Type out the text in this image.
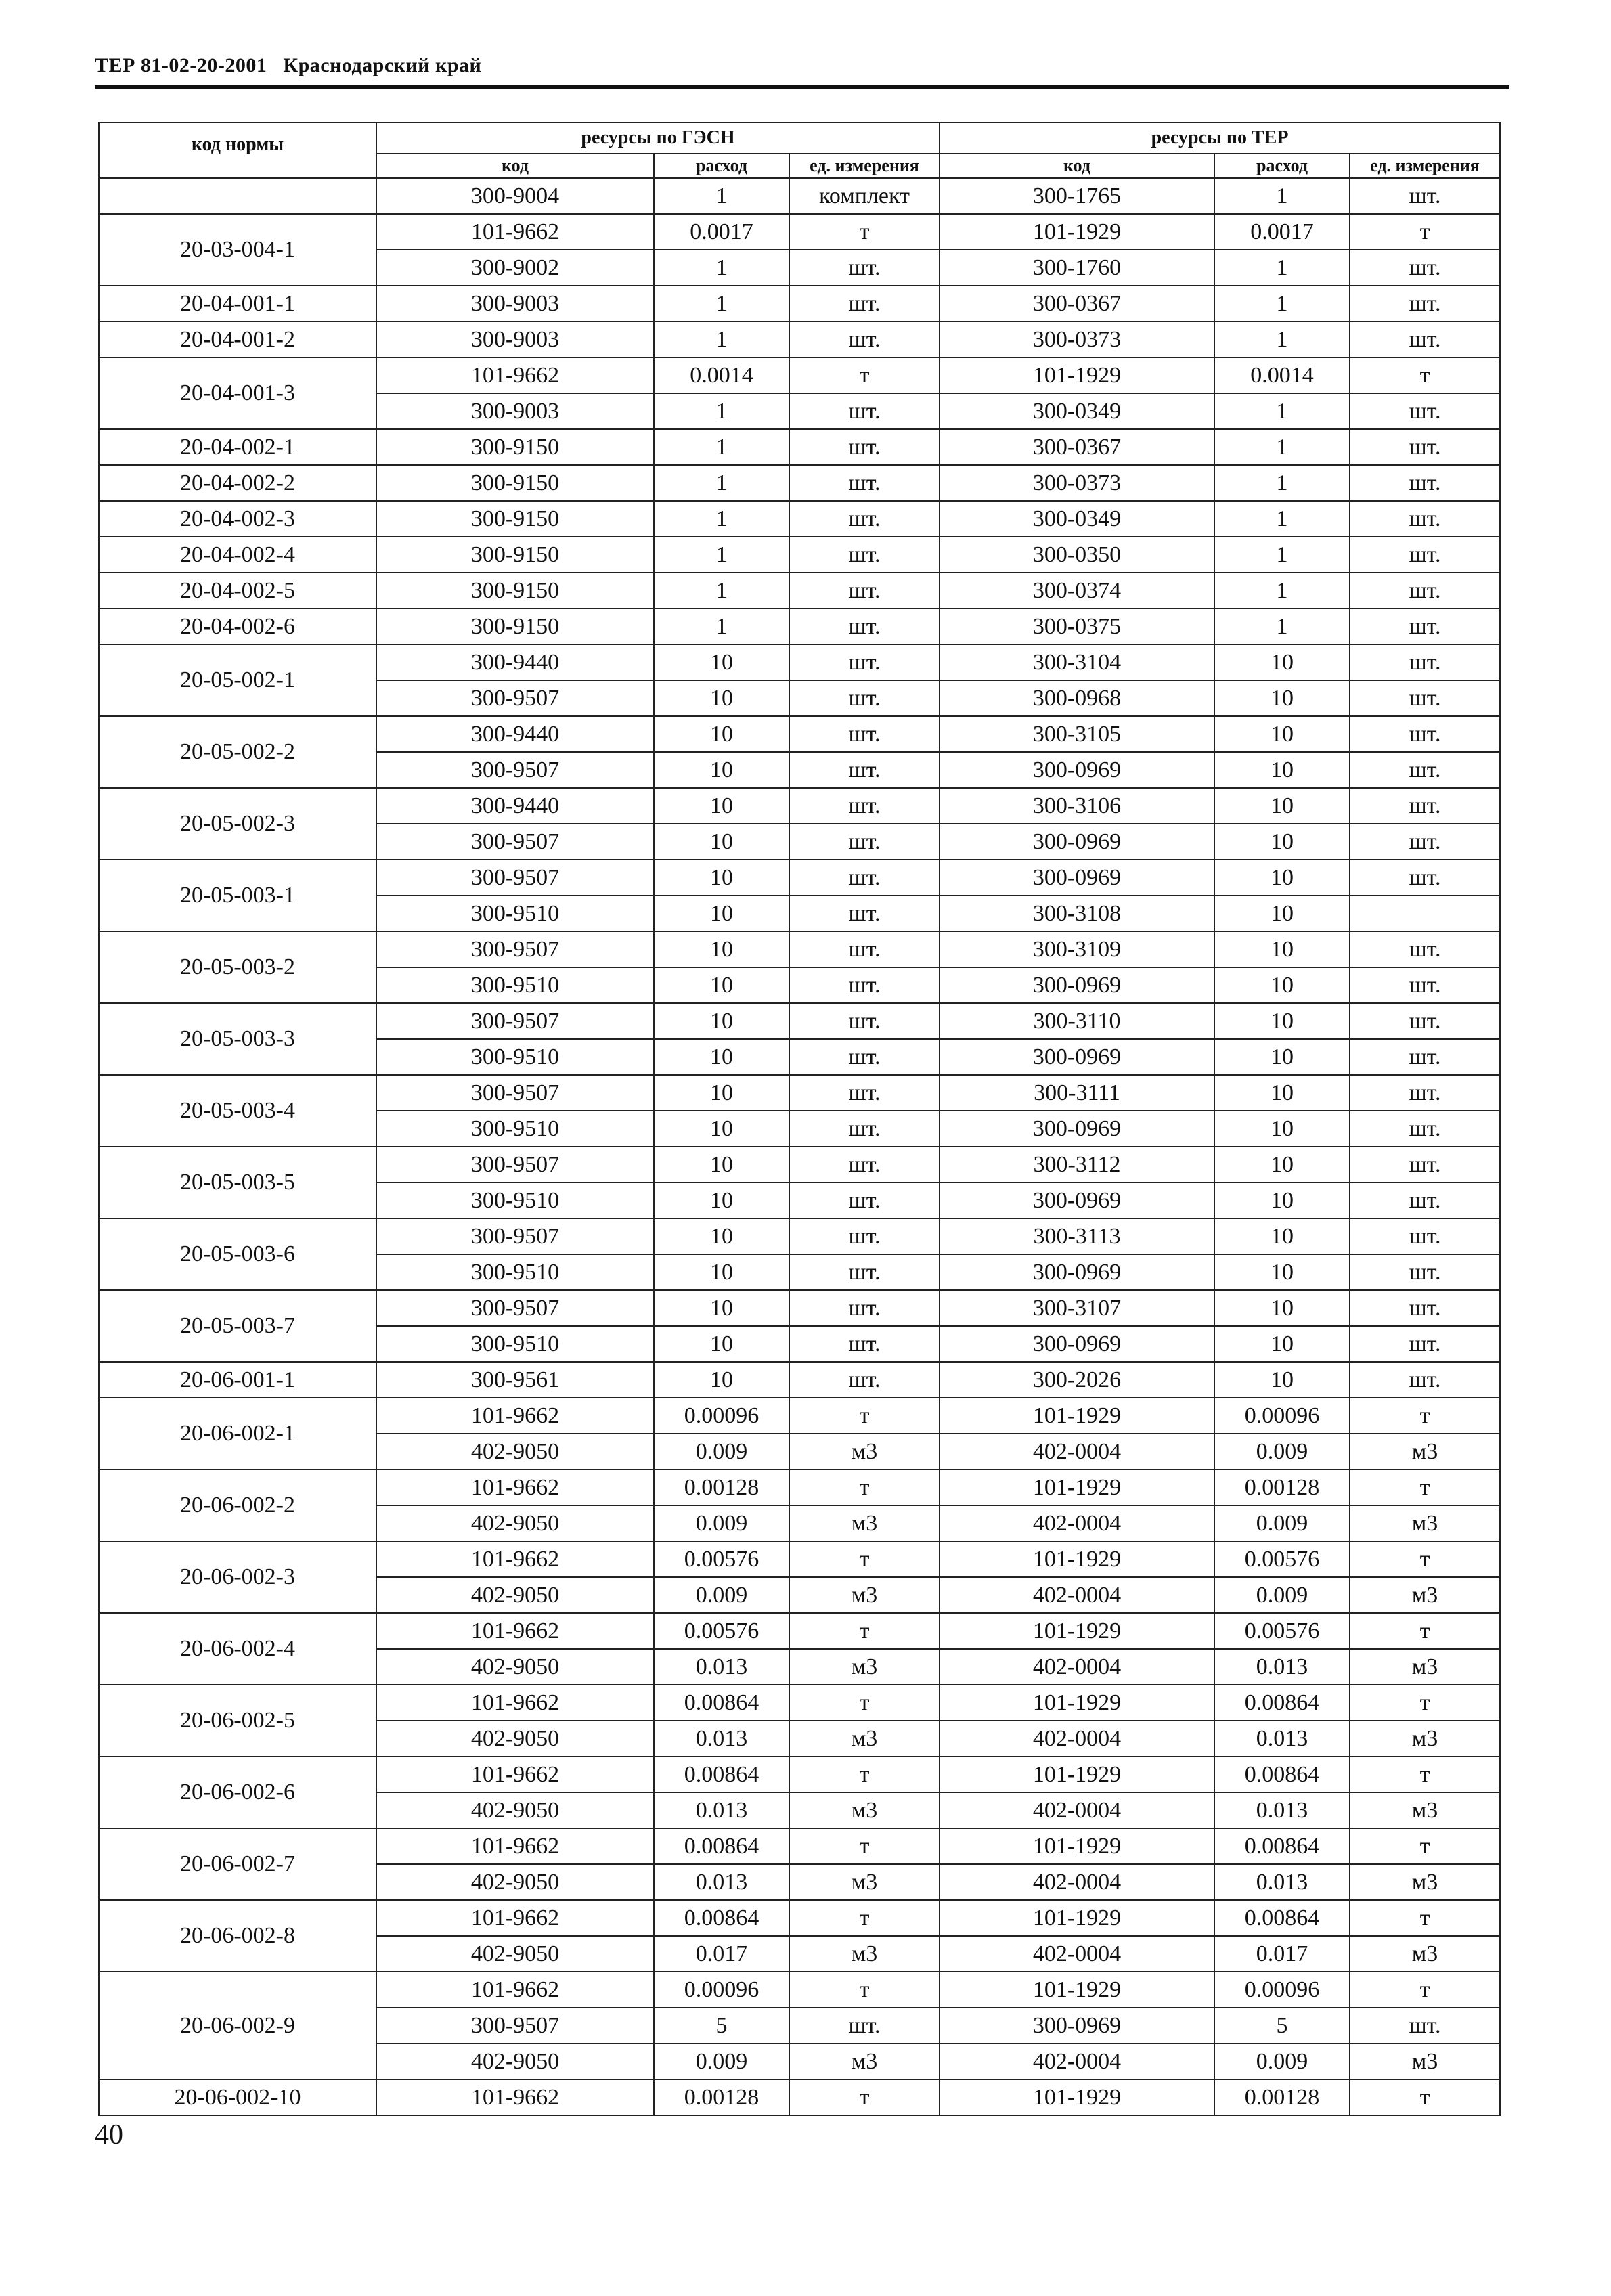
ТЕР 81-02-20-2001 Краснодарский край
код нормы	ресурсы по ГЭСН			ресурсы по ТЕР		
	код	расход	ед. измерения	код	расход	ед. измерения
	300-9004	1	комплект	300-1765	1	шт.
20-03-004-1	101-9662	0.0017	т	101-1929	0.0017	т
	300-9002	1	шт.	300-1760	1	шт.
20-04-001-1	300-9003	1	шт.	300-0367	1	шт.
20-04-001-2	300-9003	1	шт.	300-0373	1	шт.
20-04-001-3	101-9662	0.0014	т	101-1929	0.0014	т
	300-9003	1	шт.	300-0349	1	шт.
20-04-002-1	300-9150	1	шт.	300-0367	1	шт.
20-04-002-2	300-9150	1	шт.	300-0373	1	шт.
20-04-002-3	300-9150	1	шт.	300-0349	1	шт.
20-04-002-4	300-9150	1	шт.	300-0350	1	шт.
20-04-002-5	300-9150	1	шт.	300-0374	1	шт.
20-04-002-6	300-9150	1	шт.	300-0375	1	шт.
20-05-002-1	300-9440	10	шт.	300-3104	10	шт.
	300-9507	10	шт.	300-0968	10	шт.
20-05-002-2	300-9440	10	шт.	300-3105	10	шт.
	300-9507	10	шт.	300-0969	10	шт.
20-05-002-3	300-9440	10	шт.	300-3106	10	шт.
	300-9507	10	шт.	300-0969	10	шт.
20-05-003-1	300-9507	10	шт.	300-0969	10	шт.
	300-9510	10	шт.	300-3108	10	
20-05-003-2	300-9507	10	шт.	300-3109	10	шт.
	300-9510	10	шт.	300-0969	10	шт.
20-05-003-3	300-9507	10	шт.	300-3110	10	шт.
	300-9510	10	шт.	300-0969	10	шт.
20-05-003-4	300-9507	10	шт.	300-3111	10	шт.
	300-9510	10	шт.	300-0969	10	шт.
20-05-003-5	300-9507	10	шт.	300-3112	10	шт.
	300-9510	10	шт.	300-0969	10	шт.
20-05-003-6	300-9507	10	шт.	300-3113	10	шт.
	300-9510	10	шт.	300-0969	10	шт.
20-05-003-7	300-9507	10	шт.	300-3107	10	шт.
	300-9510	10	шт.	300-0969	10	шт.
20-06-001-1	300-9561	10	шт.	300-2026	10	шт.
20-06-002-1	101-9662	0.00096	т	101-1929	0.00096	т
	402-9050	0.009	м3	402-0004	0.009	м3
20-06-002-2	101-9662	0.00128	т	101-1929	0.00128	т
	402-9050	0.009	м3	402-0004	0.009	м3
20-06-002-3	101-9662	0.00576	т	101-1929	0.00576	т
	402-9050	0.009	м3	402-0004	0.009	м3
20-06-002-4	101-9662	0.00576	т	101-1929	0.00576	т
	402-9050	0.013	м3	402-0004	0.013	м3
20-06-002-5	101-9662	0.00864	т	101-1929	0.00864	т
	402-9050	0.013	м3	402-0004	0.013	м3
20-06-002-6	101-9662	0.00864	т	101-1929	0.00864	т
	402-9050	0.013	м3	402-0004	0.013	м3
20-06-002-7	101-9662	0.00864	т	101-1929	0.00864	т
	402-9050	0.013	м3	402-0004	0.013	м3
20-06-002-8	101-9662	0.00864	т	101-1929	0.00864	т
	402-9050	0.017	м3	402-0004	0.017	м3
20-06-002-9	101-9662	0.00096	т	101-1929	0.00096	т
	300-9507	5	шт.	300-0969	5	шт.
	402-9050	0.009	м3	402-0004	0.009	м3
20-06-002-10	101-9662	0.00128	т	101-1929	0.00128	т
40
